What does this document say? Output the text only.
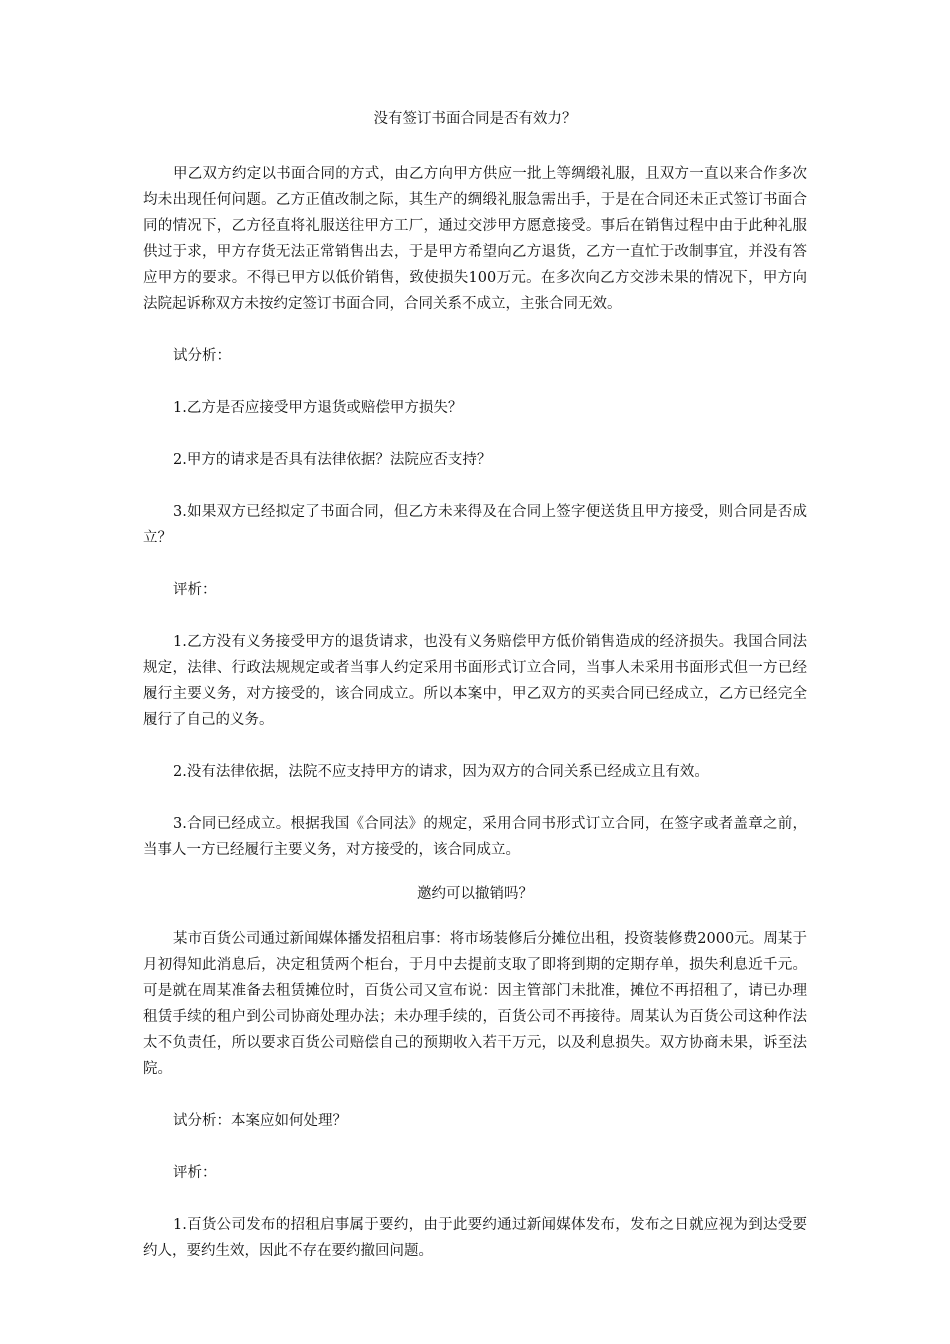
没有签订书面合同是否有效力？

甲乙双方约定以书面合同的方式，由乙方向甲方供应一批上等绸缎礼服，且双方一直以来合作多次均未出现任何问题。乙方正值改制之际，其生产的绸缎礼服急需出手，于是在合同还未正式签订书面合同的情况下，乙方径直将礼服送往甲方工厂，通过交涉甲方愿意接受。事后在销售过程中由于此种礼服供过于求，甲方存货无法正常销售出去，于是甲方希望向乙方退货，乙方一直忙于改制事宜，并没有答应甲方的要求。不得已甲方以低价销售，致使损失100万元。在多次向乙方交涉未果的情况下，甲方向法院起诉称双方未按约定签订书面合同，合同关系不成立，主张合同无效。

试分析：

1.乙方是否应接受甲方退货或赔偿甲方损失？

2.甲方的请求是否具有法律依据？法院应否支持？

3.如果双方已经拟定了书面合同，但乙方未来得及在合同上签字便送货且甲方接受，则合同是否成立？

评析：

1.乙方没有义务接受甲方的退货请求，也没有义务赔偿甲方低价销售造成的经济损失。我国合同法规定，法律、行政法规规定或者当事人约定采用书面形式订立合同，当事人未采用书面形式但一方已经履行主要义务，对方接受的，该合同成立。所以本案中，甲乙双方的买卖合同已经成立，乙方已经完全履行了自己的义务。

2.没有法律依据，法院不应支持甲方的请求，因为双方的合同关系已经成立且有效。

3.合同已经成立。根据我国《合同法》的规定，采用合同书形式订立合同，在签字或者盖章之前，当事人一方已经履行主要义务，对方接受的，该合同成立。

邀约可以撤销吗？

某市百货公司通过新闻媒体播发招租启事：将市场装修后分摊位出租，投资装修费2000元。周某于月初得知此消息后，决定租赁两个柜台，于月中去提前支取了即将到期的定期存单，损失利息近千元。可是就在周某准备去租赁摊位时，百货公司又宣布说：因主管部门未批准，摊位不再招租了，请已办理租赁手续的租户到公司协商处理办法；未办理手续的，百货公司不再接待。周某认为百货公司这种作法太不负责任，所以要求百货公司赔偿自己的预期收入若干万元，以及利息损失。双方协商未果，诉至法院。

试分析：本案应如何处理？

评析：

1.百货公司发布的招租启事属于要约，由于此要约通过新闻媒体发布，发布之日就应视为到达受要约人，要约生效，因此不存在要约撤回问题。
